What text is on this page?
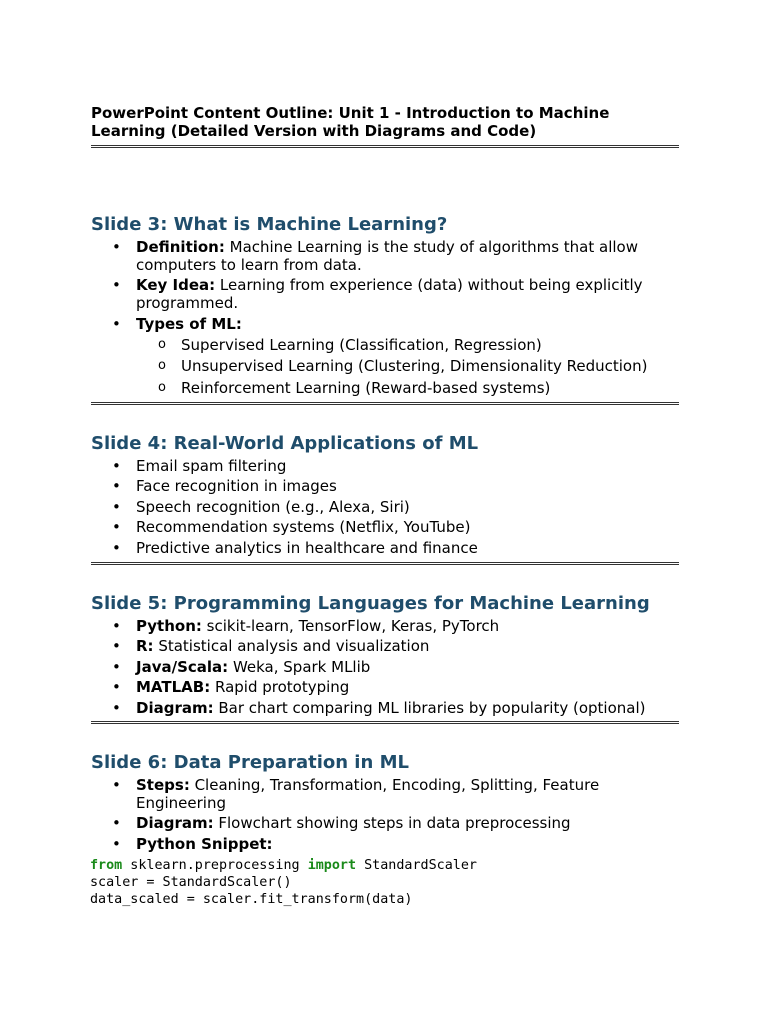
PowerPoint Content Outline: Unit 1 - Introduction to Machine
Learning (Detailed Version with Diagrams and Code)
Slide 3: What is Machine Learning?
• Definition: Machine Learning is the study of algorithms that allow computers to learn from data.
• Key Idea: Learning from experience (data) without being explicitly programmed.
• Types of ML:
o Supervised Learning (Classification, Regression)
o Unsupervised Learning (Clustering, Dimensionality Reduction)
o Reinforcement Learning (Reward-based systems)
Slide 4: Real-World Applications of ML
• Email spam filtering
• Face recognition in images
• Speech recognition (e.g., Alexa, Siri)
• Recommendation systems (Netflix, YouTube)
• Predictive analytics in healthcare and finance
Slide 5: Programming Languages for Machine Learning
• Python: scikit-learn, TensorFlow, Keras, PyTorch
• R: Statistical analysis and visualization
• Java/Scala: Weka, Spark MLlib
• MATLAB: Rapid prototyping
• Diagram: Bar chart comparing ML libraries by popularity (optional)
Slide 6: Data Preparation in ML
• Steps: Cleaning, Transformation, Encoding, Splitting, Feature Engineering
• Diagram: Flowchart showing steps in data preprocessing
• Python Snippet:
from sklearn.preprocessing import StandardScaler
scaler = StandardScaler()
data_scaled = scaler.fit_transform(data)
